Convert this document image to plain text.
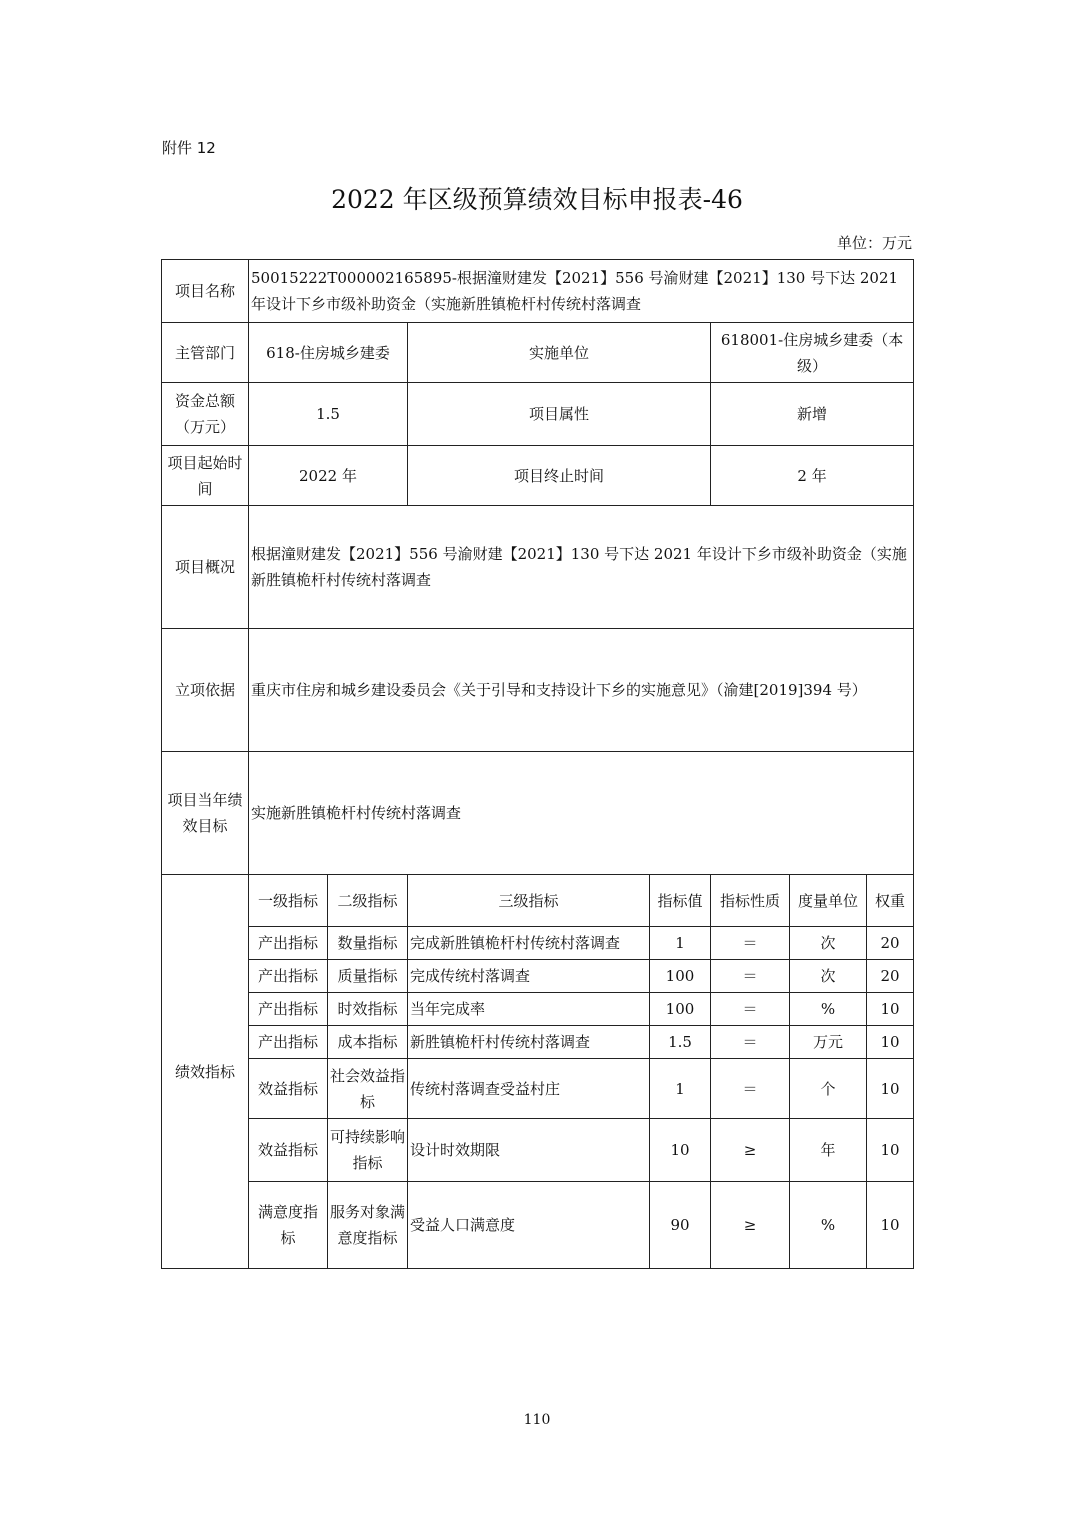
附件 12
2022 年区级预算绩效目标申报表-46
单位：万元
项目名称	50015222T000002165895-根据潼财建发【2021】556 号渝财建【2021】130 号下达 2021 年设计下乡市级补助资金（实施新胜镇桅杆村传统村落调查						
主管部门	618-住房城乡建委		实施单位		618001-住房城乡建委（本级）		
资金总额（万元）	1.5		项目属性		新增		
项目起始时间	2022 年		项目终止时间		2 年		
项目概况	根据潼财建发【2021】556 号渝财建【2021】130 号下达 2021 年设计下乡市级补助资金（实施新胜镇桅杆村传统村落调查						
立项依据	重庆市住房和城乡建设委员会《关于引导和支持设计下乡的实施意见》（渝建[2019]394 号）						
项目当年绩效目标	实施新胜镇桅杆村传统村落调查						
绩效指标	一级指标	二级指标	三级指标	指标值	指标性质	度量单位	权重
	产出指标	数量指标	完成新胜镇桅杆村传统村落调查	1	＝	次	20
	产出指标	质量指标	完成传统村落调查	100	＝	次	20
	产出指标	时效指标	当年完成率	100	＝	%	10
	产出指标	成本指标	新胜镇桅杆村传统村落调查	1.5	＝	万元	10
	效益指标	社会效益指标	传统村落调查受益村庄	1	＝	个	10
	效益指标	可持续影响指标	设计时效期限	10	≥	年	10
	满意度指标	服务对象满意度指标	受益人口满意度	90	≥	%	10
110
